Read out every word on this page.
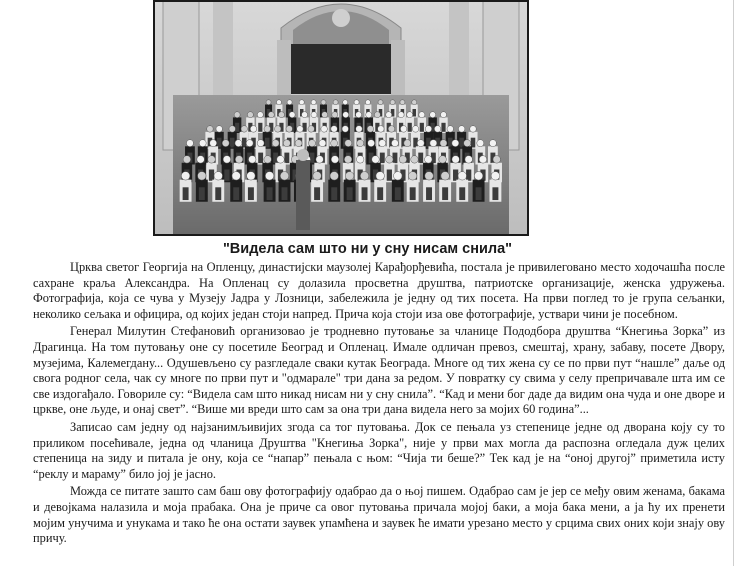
"Видела сам што ни у сну нисам снила"

Црква светог Георгија на Опленцу, династијски маузолеј Карађорђевића, постала је привилеговано место ходочашћа после сахране краља Александра. На Опленац су долазила просветна друштва, патриотске организације, женска удружења. Фотографија, која се чува у Музеју Јадра у Лозници, забележила је једну од тих посета. На први поглед то је група сељанки, неколико сељака и официра, од којих један стоји напред. Прича која стоји иза ове фотографије, уствари чини је посебном.

Генерал Милутин Стефановић организовао је тродневно путовање за чланице Пододбора друштва “Кнегиња Зорка” из Драгинца. На том путовању оне су посетиле Београд и Опленац. Имале одличан превоз, смештај, храну, забаву, посете Двору, музејима, Калемегдану... Одушевљено су разгледале сваки кутак Београда. Многе од тих жена су се по први пут “нашле” даље од свога родног села, чак су многе по први пут и "одмарале" три дана за редом. У повратку су свима у селу препричавале шта им се све издогађало. Говориле су: “Видела сам што никад нисам ни у сну снила”. “Кад и мени бог даде да видим она чуда и оне дворе и цркве, оне људе, и онај свет”. “Више ми вреди што сам за она три дана видела него за мојих 60 година”...

Записао сам једну од најзанимљивијих згода са тог путовања. Док се пењала уз степенице једне од дворана коју су то приликом посећивале, једна од чланица Друштва "Кнегиња Зорка", није у први мах могла да распозна огледала дуж целих степеница на зиду и питала је ону, која се “напар” пењала с њом: “Чија ти беше?” Тек кад је на “оној другој” приметила исту “реклу и мараму” било јој је јасно.

Можда се питате зашто сам баш ову фотографију одабрао да о њој пишем. Одабрао сам је јер се међу овим женама, бакама и девојкама налазила и моја прабака. Она је приче са овог путовања причала мојој баки, а моја бака мени, а ја ћу их пренети мојим унучима и унукама и тако ће она остати заувек упамћена и заувек ће имати урезано место у срцима свих оних који знају ову причу.
